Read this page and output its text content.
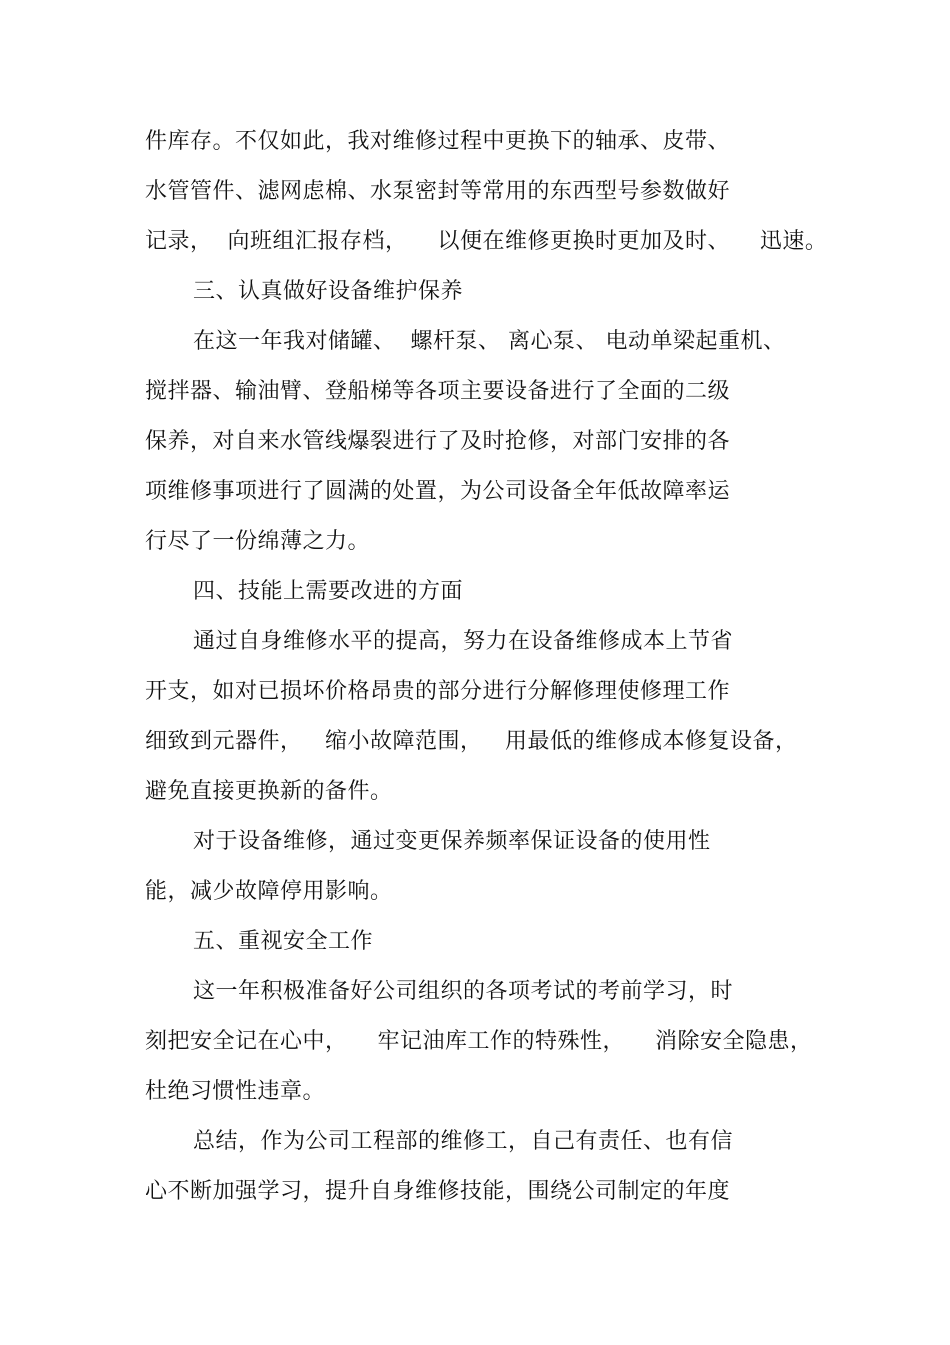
件库存。不仅如此，我对维修过程中更换下的轴承、皮带、
水管管件、滤网虑棉、水泵密封等常用的东西型号参数做好
记录，  向班组汇报存档，    以便在维修更换时更加及时、    迅速。
三、认真做好设备维护保养
在这一年我对储罐、  螺杆泵、 离心泵、 电动单梁起重机、
搅拌器、输油臂、登船梯等各项主要设备进行了全面的二级
保养，对自来水管线爆裂进行了及时抢修，对部门安排的各
项维修事项进行了圆满的处置，为公司设备全年低故障率运
行尽了一份绵薄之力。
四、技能上需要改进的方面
通过自身维修水平的提高，努力在设备维修成本上节省
开支，如对已损坏价格昂贵的部分进行分解修理使修理工作
细致到元器件，   缩小故障范围，   用最低的维修成本修复设备，
避免直接更换新的备件。
对于设备维修，通过变更保养频率保证设备的使用性
能，减少故障停用影响。
五、重视安全工作
这一年积极准备好公司组织的各项考试的考前学习，时
刻把安全记在心中，    牢记油库工作的特殊性，    消除安全隐患，
杜绝习惯性违章。
总结，作为公司工程部的维修工，自己有责任、也有信
心不断加强学习，提升自身维修技能，围绕公司制定的年度
